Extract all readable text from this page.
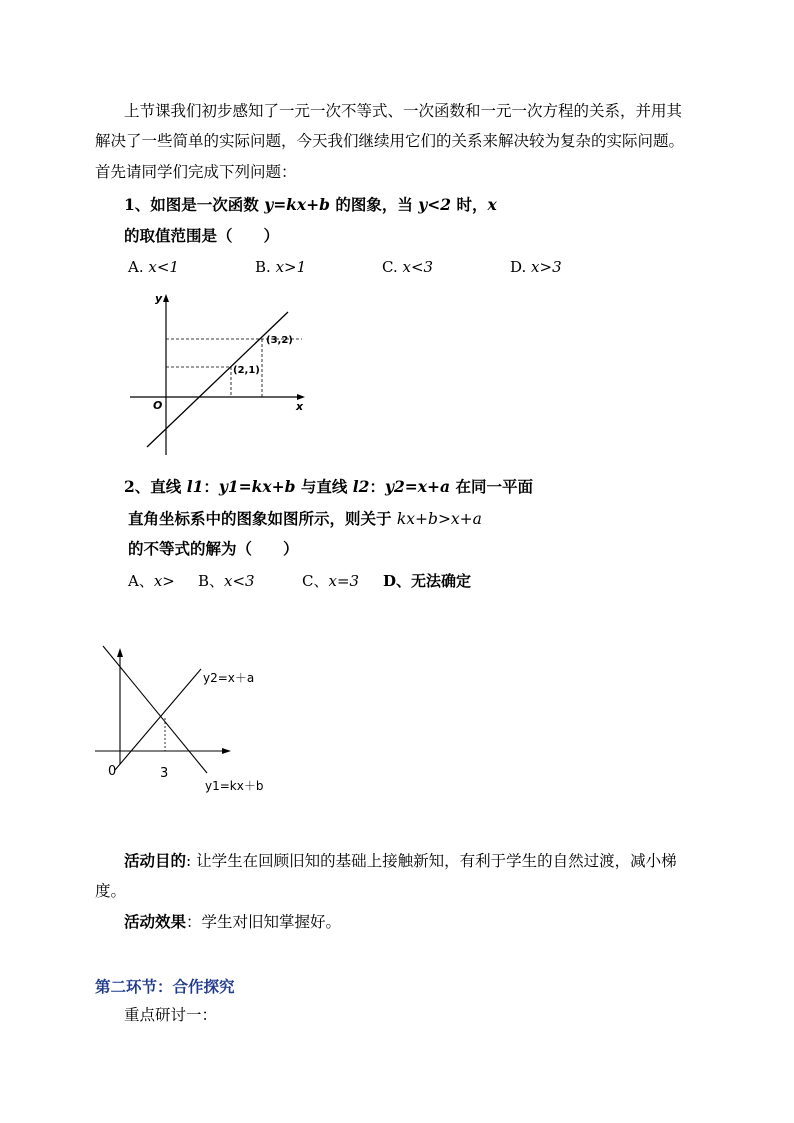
上节课我们初步感知了一元一次不等式、一次函数和一元一次方程的关系，并用其
解决了一些简单的实际问题，今天我们继续用它们的关系来解决较为复杂的实际问题。
首先请同学们完成下列问题：
1、如图是一次函数 y=kx+b 的图象，当 y<2 时，x
的取值范围是（　　）
A. x<1	B. x>1	C. x<3	D. x>3
y
x
O
(2,1)
(3,2)
2、直线 l1：y1=kx+b 与直线 l2：y2=x+a 在同一平面
直角坐标系中的图象如图所示，则关于 kx+b>x+a
的不等式的解为（　　）
A、x> B、x<3	C、x=3 D、无法确定
y2=x＋a
y1=kx＋b
0	3
活动目的: 让学生在回顾旧知的基础上接触新知，有利于学生的自然过渡，减小梯
度。
活动效果：学生对旧知掌握好。
第二环节：合作探究
重点研讨一：
